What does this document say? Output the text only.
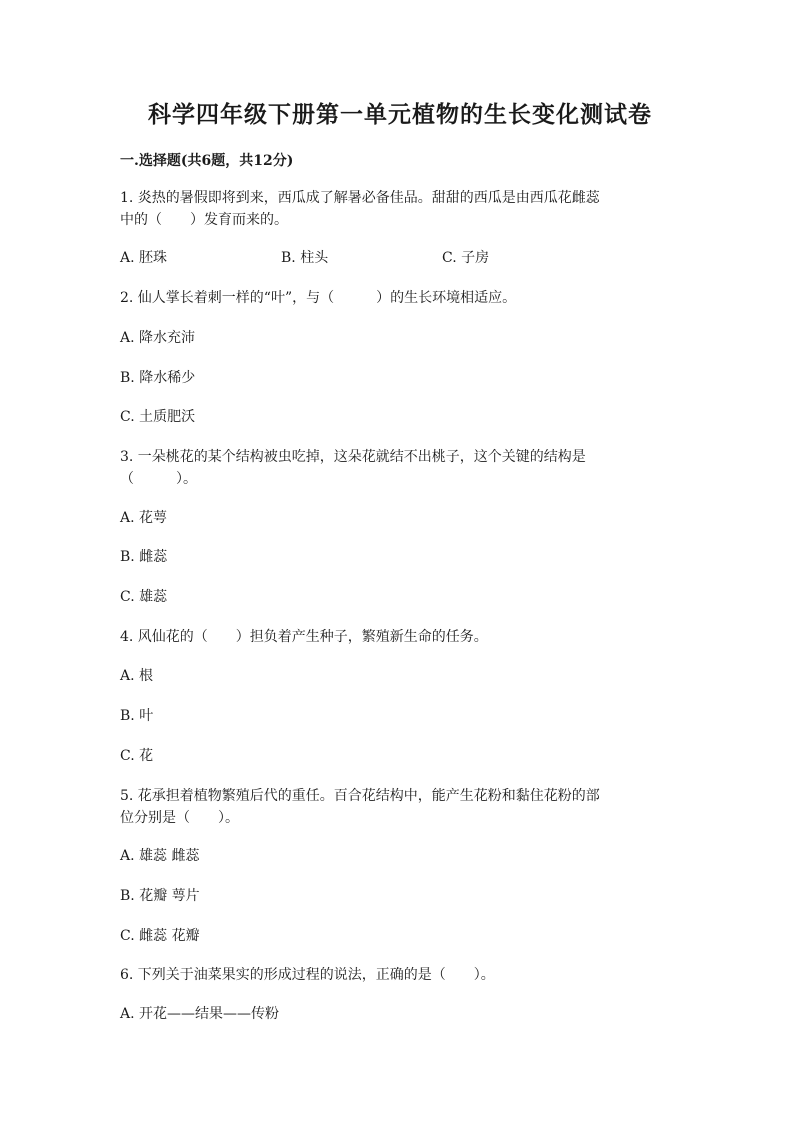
科学四年级下册第一单元植物的生长变化测试卷
一.选择题(共6题，共12分)

1. 炎热的暑假即将到来，西瓜成了解暑必备佳品。甜甜的西瓜是由西瓜花雌蕊

中的（　　）发育而来的。

A. 胚珠	B. 柱头	C. 子房

2. 仙人掌长着刺一样的“叶”，与（　　　）的生长环境相适应。

A. 降水充沛

B. 降水稀少

C. 土质肥沃

3. 一朵桃花的某个结构被虫吃掉，这朵花就结不出桃子，这个关键的结构是

（　　　）。

A. 花萼

B. 雌蕊

C. 雄蕊

4. 风仙花的（　　）担负着产生种子，繁殖新生命的任务。

A. 根

B. 叶

C. 花

5. 花承担着植物繁殖后代的重任。百合花结构中，能产生花粉和黏住花粉的部

位分别是（　　）。

A. 雄蕊 雌蕊

B. 花瓣 萼片

C. 雌蕊 花瓣

6. 下列关于油菜果实的形成过程的说法，正确的是（　　）。

A. 开花——结果——传粉
